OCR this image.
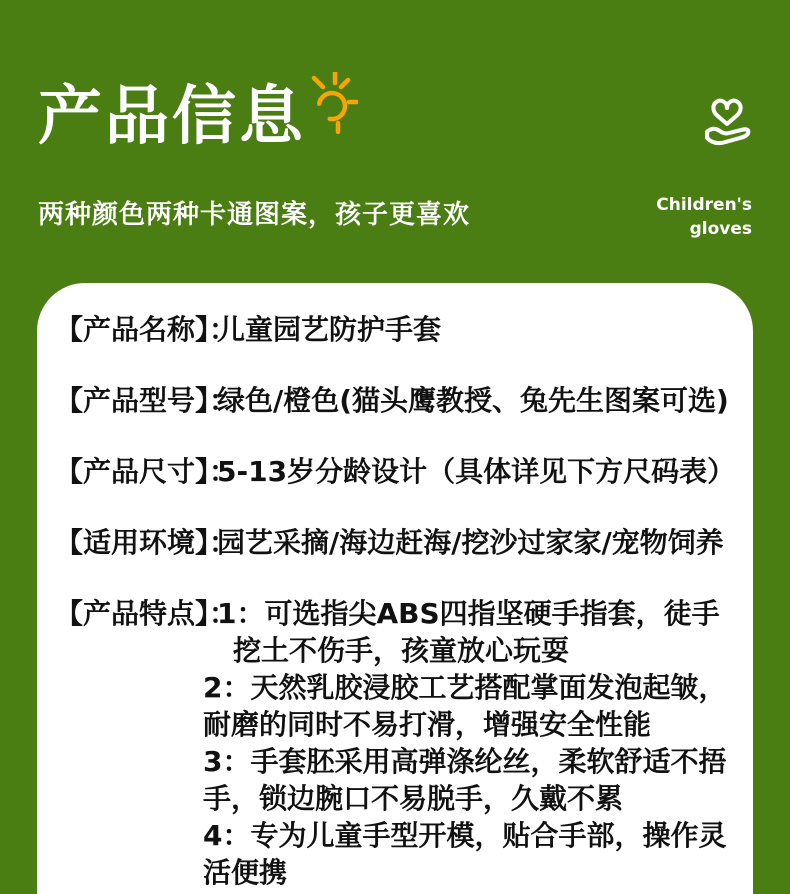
产品信息

两种颜色两种卡通图案，孩子更喜欢	Children's
gloves
【产品名称】：
儿童园艺防护手套
【产品型号】：
绿色/橙色(猫头鹰教授、兔先生图案可选)
【产品尺寸】：
5-13岁分龄设计（具体详见下方尺码表）
【适用环境】：
园艺采摘/海边赶海/挖沙过家家/宠物饲养
【产品特点】：
1：可选指尖ABS四指坚硬手指套，徒手挖土不伤手，孩童放心玩耍
2：天然乳胶浸胶工艺搭配掌面发泡起皱，耐磨的同时不易打滑，增强安全性能
3：手套胚采用高弹涤纶丝，柔软舒适不捂手，锁边腕口不易脱手，久戴不累
4：专为儿童手型开模，贴合手部，操作灵活便携
